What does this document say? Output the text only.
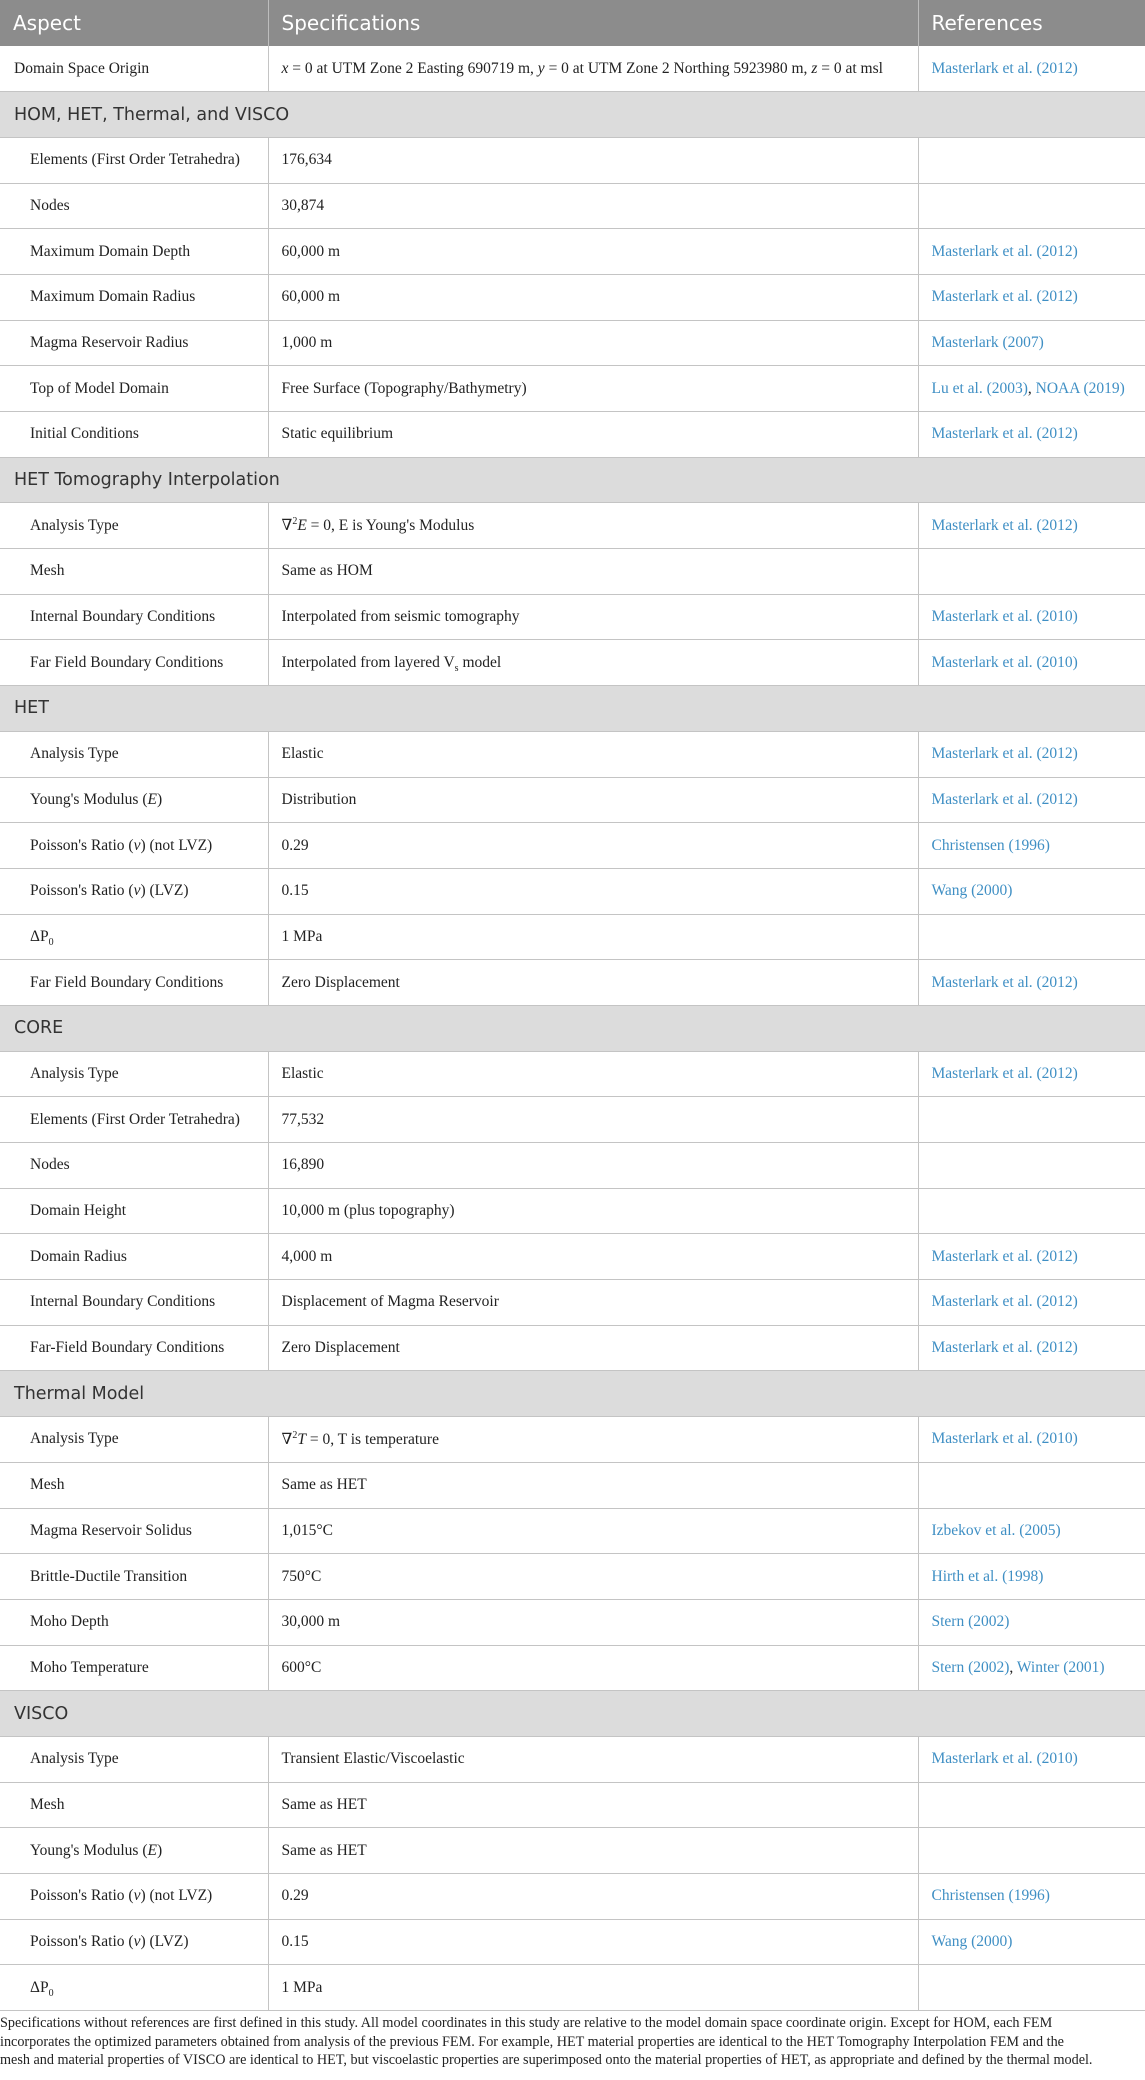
Aspect	Specifications	References
Domain Space Origin	x = 0 at UTM Zone 2 Easting 690719 m, y = 0 at UTM Zone 2 Northing 5923980 m, z = 0 at msl	Masterlark et al. (2012)
HOM, HET, Thermal, and VISCO		
Elements (First Order Tetrahedra)	176,634	
Nodes	30,874	
Maximum Domain Depth	60,000 m	Masterlark et al. (2012)
Maximum Domain Radius	60,000 m	Masterlark et al. (2012)
Magma Reservoir Radius	1,000 m	Masterlark (2007)
Top of Model Domain	Free Surface (Topography/Bathymetry)	Lu et al. (2003) , NOAA (2019)
Initial Conditions	Static equilibrium	Masterlark et al. (2012)
HET Tomography Interpolation		
Analysis Type	∇$^2$E = 0, E is Young's Modulus	Masterlark et al. (2012)
Mesh	Same as HOM	
Internal Boundary Conditions	Interpolated from seismic tomography	Masterlark et al. (2010)
Far Field Boundary Conditions	Interpolated from layered $V_s$ model	Masterlark et al. (2010)
HET		
Analysis Type	Elastic	Masterlark et al. (2012)
Young's Modulus (E)	Distribution	Masterlark et al. (2012)
Poisson's Ratio (ν) (not LVZ)	0.29	Christensen (1996)
Poisson's Ratio (ν) (LVZ)	0.15	Wang (2000)
$\Delta P_0$	1 MPa	
Far Field Boundary Conditions	Zero Displacement	Masterlark et al. (2012)
CORE		
Analysis Type	Elastic	Masterlark et al. (2012)
Elements (First Order Tetrahedra)	77,532	
Nodes	16,890	
Domain Height	10,000 m (plus topography)	
Domain Radius	4,000 m	Masterlark et al. (2012)
Internal Boundary Conditions	Displacement of Magma Reservoir	Masterlark et al. (2012)
Far-Field Boundary Conditions	Zero Displacement	Masterlark et al. (2012)
Thermal Model		
Analysis Type	∇$^2$T = 0, T is temperature	Masterlark et al. (2010)
Mesh	Same as HET	
Magma Reservoir Solidus	1,015°C	Izbekov et al. (2005)
Brittle-Ductile Transition	750°C	Hirth et al. (1998)
Moho Depth	30,000 m	Stern (2002)
Moho Temperature	600°C	Stern (2002) , Winter (2001)
VISCO		
Analysis Type	Transient Elastic/Viscoelastic	Masterlark et al. (2010)
Mesh	Same as HET	
Young's Modulus (E)	Same as HET	
Poisson's Ratio (ν) (not LVZ)	0.29	Christensen (1996)
Poisson's Ratio (ν) (LVZ)	0.15	Wang (2000)
$\Delta P_0$	1 MPa	
Specifications without references are first defined in this study. All model coordinates in this study are relative to the model domain space coordinate origin. Except for HOM, each FEM
incorporates the optimized parameters obtained from analysis of the previous FEM. For example, HET material properties are identical to the HET Tomography Interpolation FEM and the
mesh and material properties of VISCO are identical to HET, but viscoelastic properties are superimposed onto the material properties of HET, as appropriate and defined by the thermal model.
